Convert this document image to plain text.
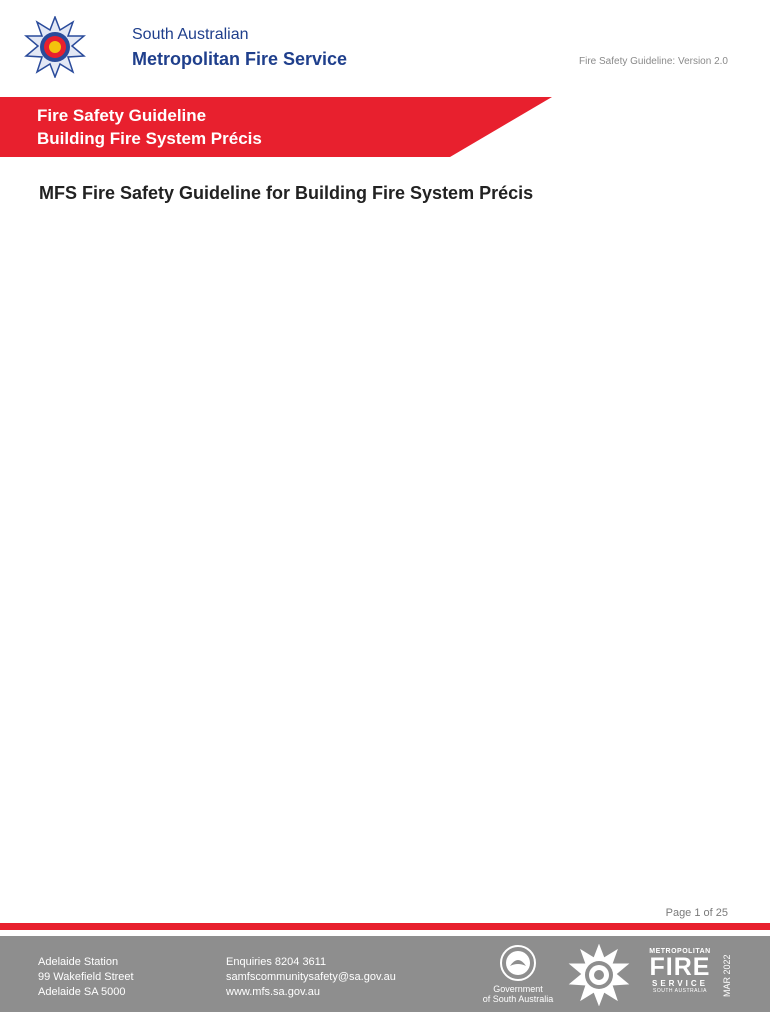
South Australian
Metropolitan Fire Service	Fire Safety Guideline: Version 2.0
Fire Safety Guideline
Building Fire System Précis
MFS Fire Safety Guideline for Building Fire System Précis
Page 1 of 25
Adelaide Station
99 Wakefield Street
Adelaide SA 5000
Enquiries 8204 3611
samfscommunitysafety@sa.gov.au
www.mfs.sa.gov.au	Government
of South Australia
METROPOLITAN
FIRE
SERVICE
SOUTH AUSTRALIA	MAR 2022
